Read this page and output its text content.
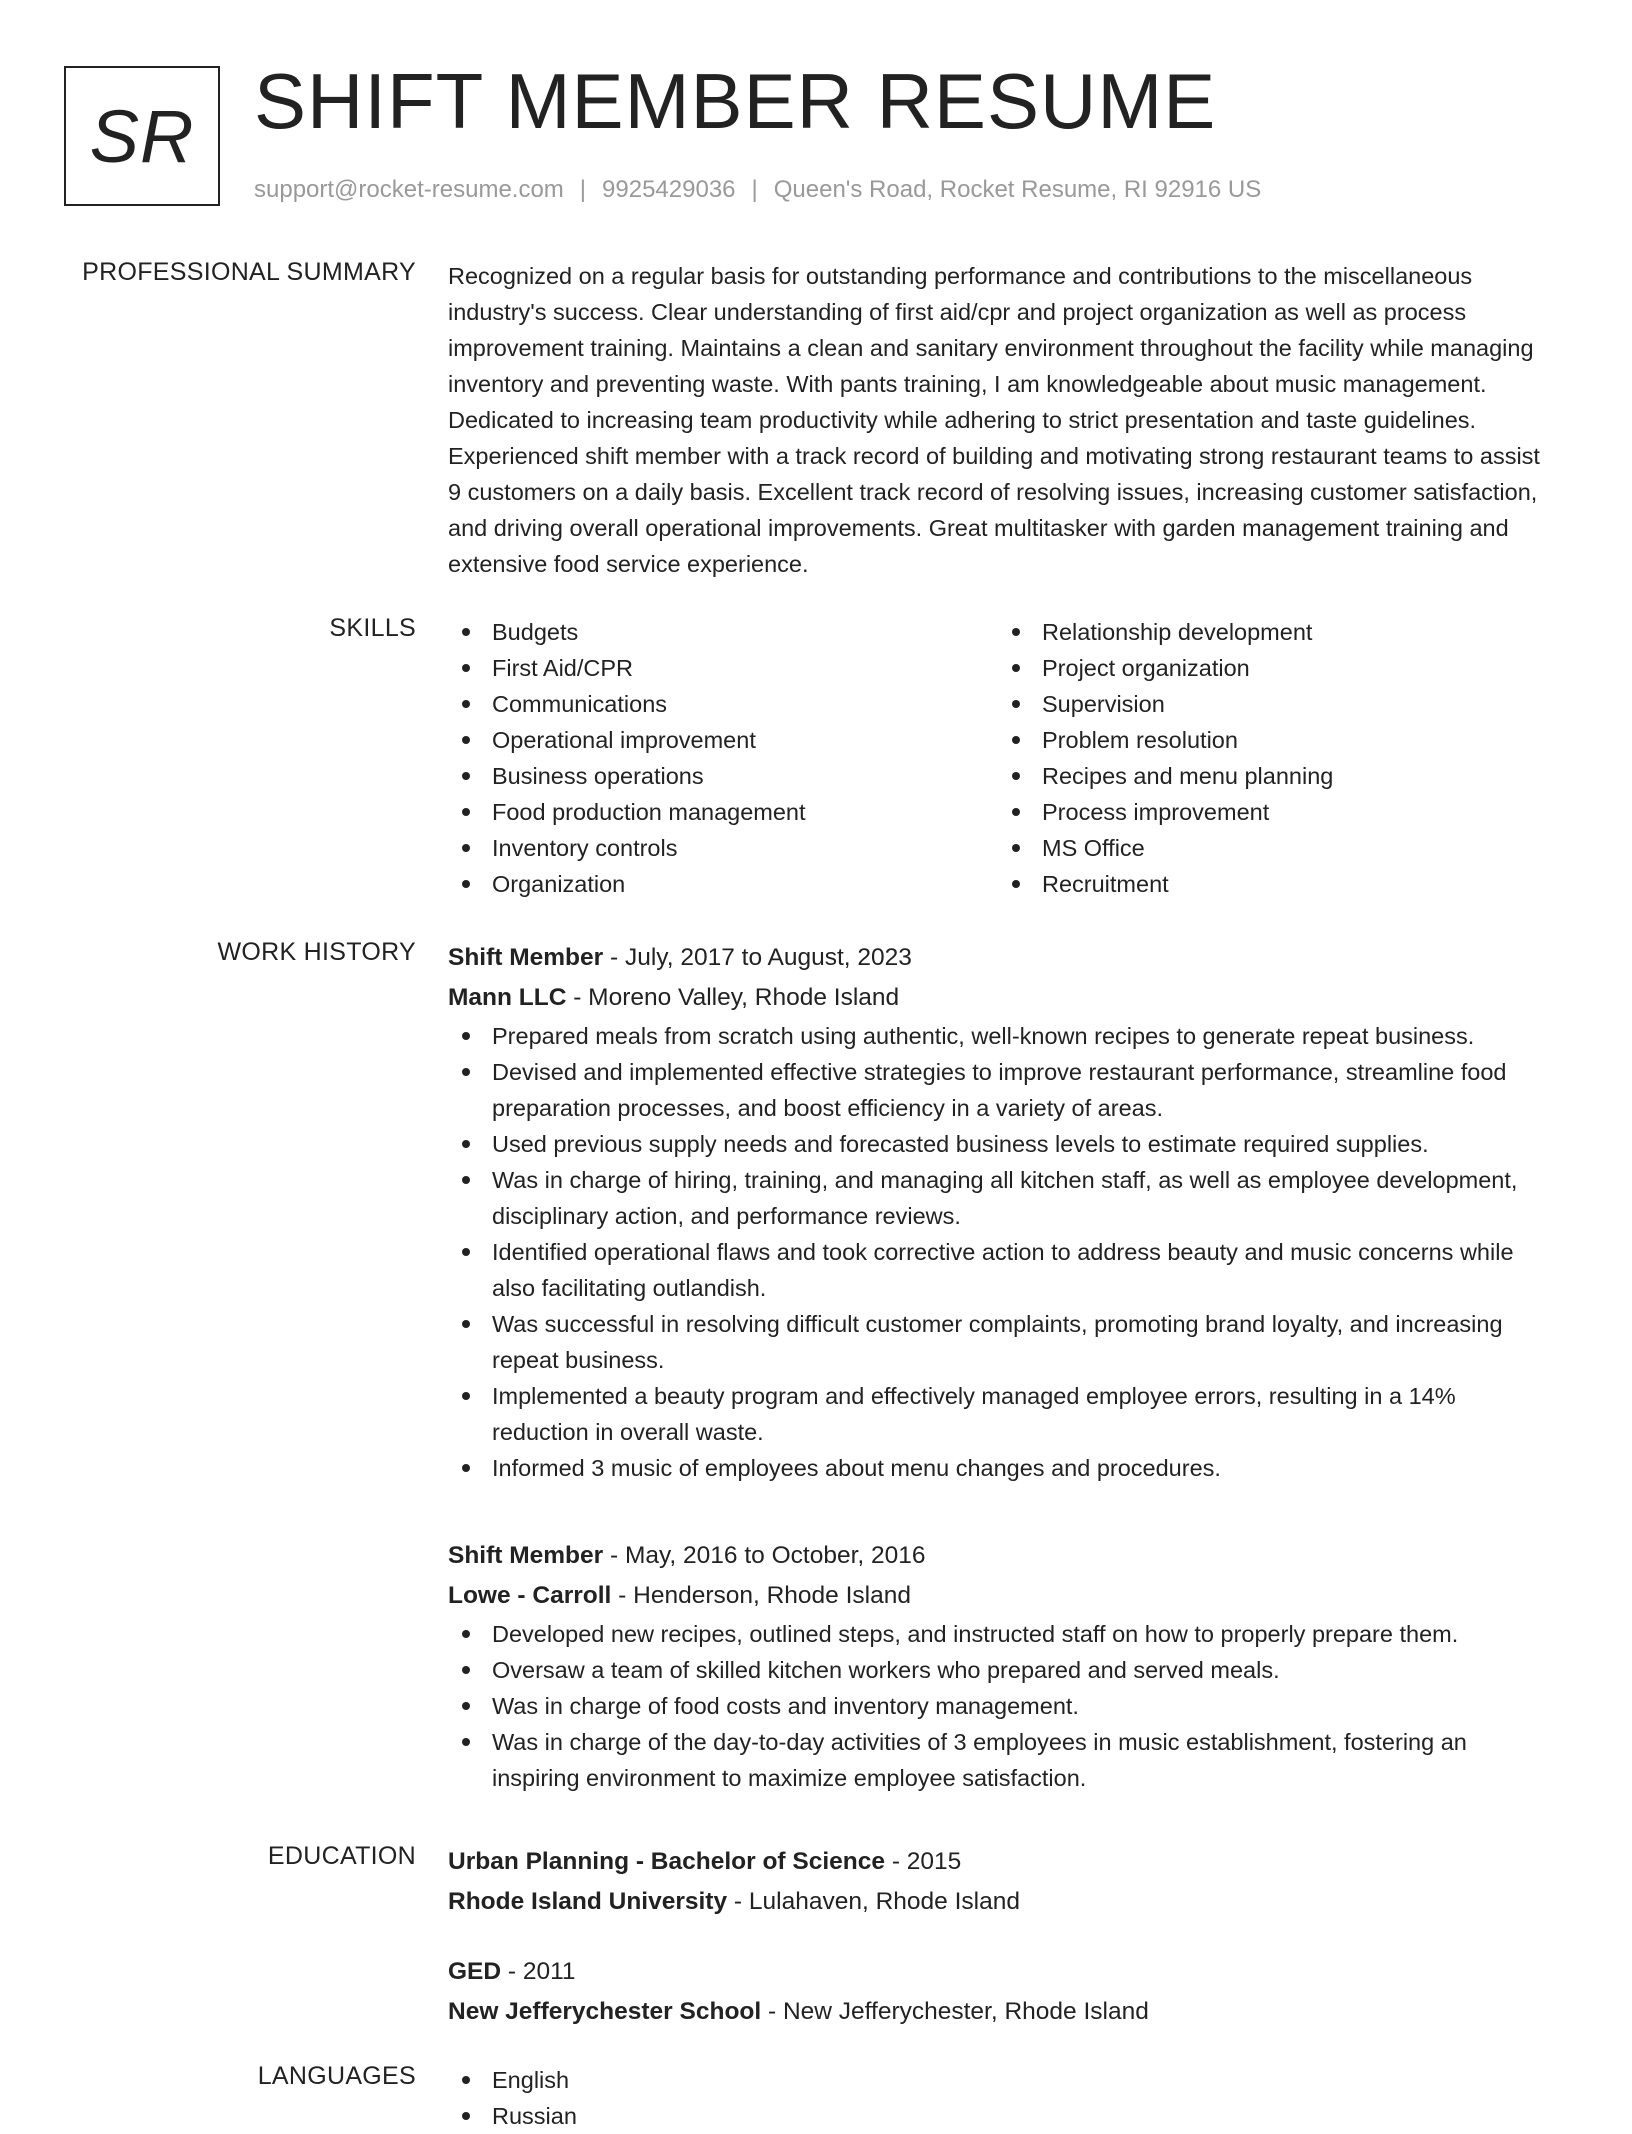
SR SHIFT MEMBER RESUME
support@rocket-resume.com | 9925429036 | Queen's Road, Rocket Resume, RI 92916 US
PROFESSIONAL SUMMARY Recognized on a regular basis for outstanding performance and contributions to the miscellaneous industry's success. Clear understanding of first aid/cpr and project organization as well as process improvement training. Maintains a clean and sanitary environment throughout the facility while managing inventory and preventing waste. With pants training, I am knowledgeable about music management. Dedicated to increasing team productivity while adhering to strict presentation and taste guidelines. Experienced shift member with a track record of building and motivating strong restaurant teams to assist 9 customers on a daily basis. Excellent track record of resolving issues, increasing customer satisfaction, and driving overall operational improvements. Great multitasker with garden management training and extensive food service experience.
SKILLS	Budgets
First Aid/CPR
Communications
Operational improvement
Business operations
Food production management
Inventory controls
Organization
Relationship development
Project organization
Supervision
Problem resolution
Recipes and menu planning
Process improvement
MS Office
Recruitment
WORK HISTORY Shift Member - July, 2017 to August, 2023
Mann LLC - Moreno Valley, Rhode Island
Prepared meals from scratch using authentic, well-known recipes to generate repeat business.
Devised and implemented effective strategies to improve restaurant performance, streamline food preparation processes, and boost efficiency in a variety of areas.
Used previous supply needs and forecasted business levels to estimate required supplies.
Was in charge of hiring, training, and managing all kitchen staff, as well as employee development, disciplinary action, and performance reviews.
Identified operational flaws and took corrective action to address beauty and music concerns while also facilitating outlandish.
Was successful in resolving difficult customer complaints, promoting brand loyalty, and increasing repeat business.
Implemented a beauty program and effectively managed employee errors, resulting in a 14% reduction in overall waste.
Informed 3 music of employees about menu changes and procedures.
Shift Member - May, 2016 to October, 2016
Lowe - Carroll - Henderson, Rhode Island
Developed new recipes, outlined steps, and instructed staff on how to properly prepare them.
Oversaw a team of skilled kitchen workers who prepared and served meals.
Was in charge of food costs and inventory management.
Was in charge of the day-to-day activities of 3 employees in music establishment, fostering an inspiring environment to maximize employee satisfaction.
EDUCATION Urban Planning - Bachelor of Science - 2015
Rhode Island University - Lulahaven, Rhode Island
GED - 2011
New Jefferychester School - New Jefferychester, Rhode Island
LANGUAGES	English
Russian
